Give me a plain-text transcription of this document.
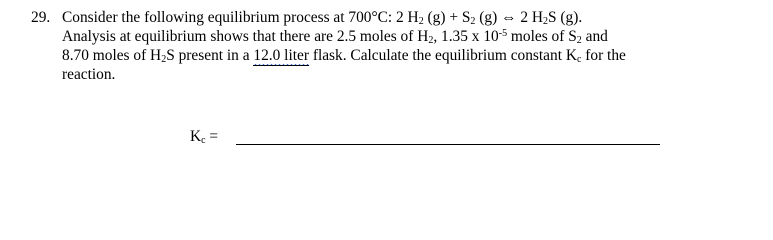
29. Consider the following equilibrium process at 700°C: 2 $H_2$ $(g) + S_2$ (g) ⇔ 2 $H_2S$ (g).
Analysis at equilibrium shows that there are 2.5 moles of $H_2$, 1.35 x $10^{-5}$ moles of $S_2$ and
8.70 moles of $H_2S$ present in a 12.0 liter flask. Calculate the equilibrium constant $K_c$ for the
reaction.
$K_c$ =
